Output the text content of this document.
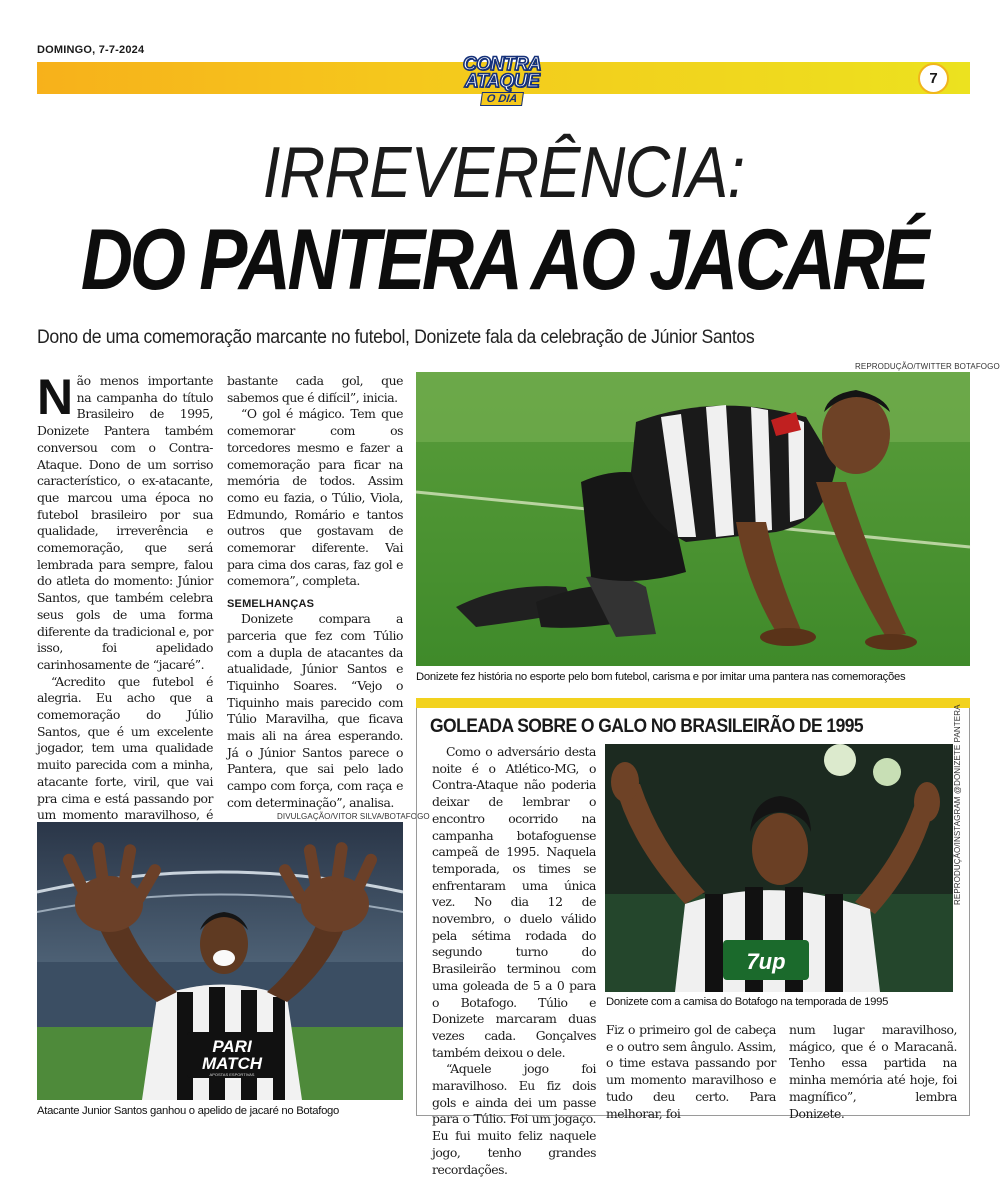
DOMINGO, 7-7-2024
CONTRA
ATAQUE
O DIA
7
IRREVERÊNCIA:
DO PANTERA AO JACARÉ
Dono de uma comemoração marcante no futebol, Donizete fala da celebração de Júnior Santos
N ão menos importante na campanha do título Brasileiro de 1995, Donizete Pantera também conversou com o Contra-Ataque. Dono de um sorriso característico, o ex-atacante, que marcou uma época no futebol brasileiro por sua qualidade, irreverência e comemoração, que será lembrada para sempre, falou do atleta do momento: Júnior Santos, que também celebra seus gols de uma forma diferente da tradicional e, por isso, foi apelidado carinhosamente de “jacaré”.

“Acredito que futebol é alegria. Eu acho que a comemoração do Júlio Santos, que é um excelente jogador, tem uma qualidade muito parecida com a minha, atacante forte, viril, que vai pra cima e está passando por um momento maravilhoso, é

bastante cada gol, que sabemos que é difícil”, inicia.

“O gol é mágico. Tem que comemorar com os torcedores mesmo e fazer a comemoração para ficar na memória de todos. Assim como eu fazia, o Túlio, Viola, Edmundo, Romário e tantos outros que gostavam de comemorar diferente. Vai para cima dos caras, faz gol e comemora”, completa.

SEMELHANÇAS

Donizete compara a parceria que fez com Túlio com a dupla de atacantes da atualidade, Júnior Santos e Tiquinho Soares. “Vejo o Tiquinho mais parecido com Túlio Maravilha, que ficava mais ali na área esperando. Já o Júnior Santos parece o Pantera, que sai pelo lado campo com força, com raça e com determinação”, analisa.

REPRODUÇÃO/TWITTER BOTAFOGO
Donizete fez história no esporte pelo bom futebol, carisma e por imitar uma pantera nas comemorações
DIVULGAÇÃO/VITOR SILVA/BOTAFOGO
PARI
MATCH
APOSTAS ESPORTIVAS
Atacante Junior Santos ganhou o apelido de jacaré no Botafogo
GOLEADA SOBRE O GALO NO BRASILEIRÃO DE 1995

Como o adversário desta noite é o Atlético-MG, o Contra-Ataque não poderia deixar de lembrar o encontro ocorrido na campanha botafoguense campeã de 1995. Naquela temporada, os times se enfrentaram uma única vez. No dia 12 de novembro, o duelo válido pela sétima rodada do segundo turno do Brasileirão terminou com uma goleada de 5 a 0 para o Botafogo. Túlio e Donizete marcaram duas vezes cada. Gonçalves também deixou o dele.

“Aquele jogo foi maravilhoso. Eu fiz dois gols e ainda dei um passe para o Túlio. Foi um jogaço. Eu fui muito feliz naquele jogo, tenho grandes recordações.

REPRODUÇÃO/INSTAGRAM @DONIZETE PANTERA
7up
Donizete com a camisa do Botafogo na temporada de 1995

Fiz o primeiro gol de cabeça e o outro sem ângulo. Assim, o time estava passando por um momento maravilhoso e tudo deu certo. Para melhorar, foi

num lugar maravilhoso, mágico, que é o Maracanã. Tenho essa partida na minha memória até hoje, foi magnífico”, lembra Donizete.
